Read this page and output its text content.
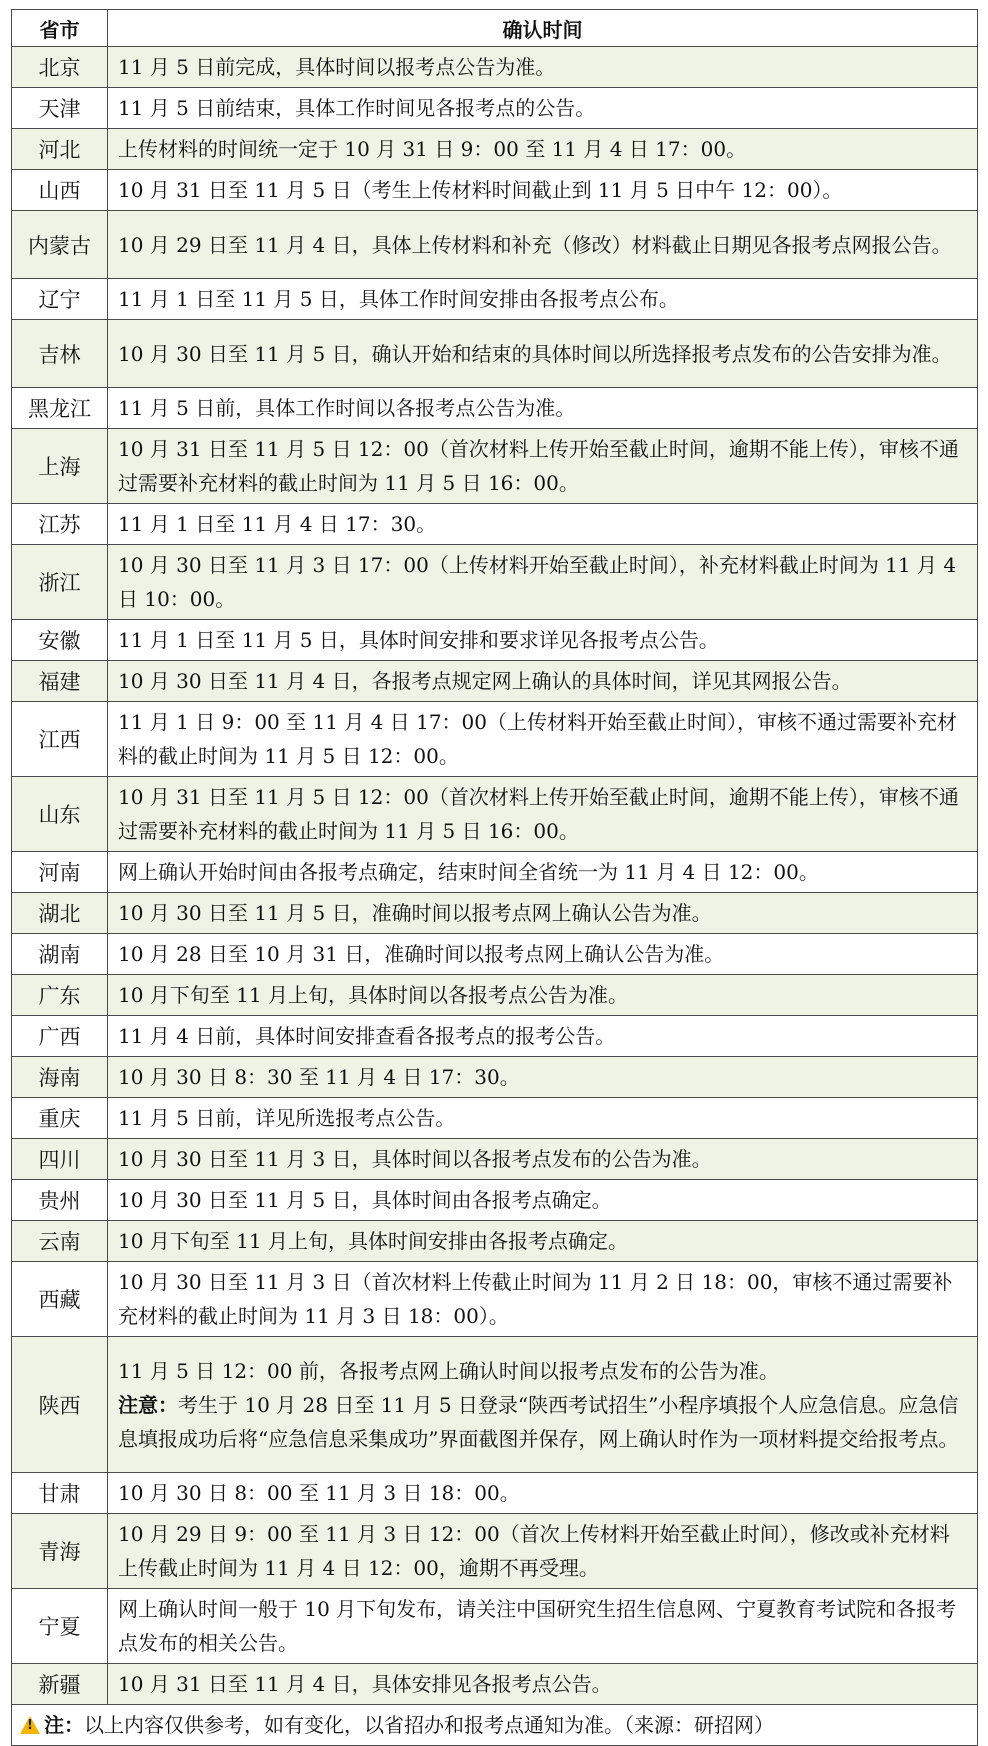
省市	确认时间
北京	11 月 5 日前完成，具体时间以报考点公告为准。
天津	11 月 5 日前结束，具体工作时间见各报考点的公告。
河北	上传材料的时间统一定于 10 月 31 日 9：00 至 11 月 4 日 17：00。
山西	10 月 31 日至 11 月 5 日（考生上传材料时间截止到 11 月 5 日中午 12：00）。
内蒙古	10 月 29 日至 11 月 4 日，具体上传材料和补充（修改）材料截止日期见各报考点网报公告。
辽宁	11 月 1 日至 11 月 5 日，具体工作时间安排由各报考点公布。
吉林	10 月 30 日至 11 月 5 日，确认开始和结束的具体时间以所选择报考点发布的公告安排为准。
黑龙江	11 月 5 日前，具体工作时间以各报考点公告为准。
上海	10 月 31 日至 11 月 5 日 12：00（首次材料上传开始至截止时间，逾期不能上传），审核不通过需要补充材料的截止时间为 11 月 5 日 16：00。
江苏	11 月 1 日至 11 月 4 日 17：30。
浙江	10 月 30 日至 11 月 3 日 17：00（上传材料开始至截止时间），补充材料截止时间为 11 月 4 日 10：00。
安徽	11 月 1 日至 11 月 5 日，具体时间安排和要求详见各报考点公告。
福建	10 月 30 日至 11 月 4 日，各报考点规定网上确认的具体时间，详见其网报公告。
江西	11 月 1 日 9：00 至 11 月 4 日 17：00（上传材料开始至截止时间），审核不通过需要补充材料的截止时间为 11 月 5 日 12：00。
山东	10 月 31 日至 11 月 5 日 12：00（首次材料上传开始至截止时间，逾期不能上传），审核不通过需要补充材料的截止时间为 11 月 5 日 16：00。
河南	网上确认开始时间由各报考点确定，结束时间全省统一为 11 月 4 日 12：00。
湖北	10 月 30 日至 11 月 5 日，准确时间以报考点网上确认公告为准。
湖南	10 月 28 日至 10 月 31 日，准确时间以报考点网上确认公告为准。
广东	10 月下旬至 11 月上旬，具体时间以各报考点公告为准。
广西	11 月 4 日前，具体时间安排查看各报考点的报考公告。
海南	10 月 30 日 8：30 至 11 月 4 日 17：30。
重庆	11 月 5 日前，详见所选报考点公告。
四川	10 月 30 日至 11 月 3 日，具体时间以各报考点发布的公告为准。
贵州	10 月 30 日至 11 月 5 日，具体时间由各报考点确定。
云南	10 月下旬至 11 月上旬，具体时间安排由各报考点确定。
西藏	10 月 30 日至 11 月 3 日（首次材料上传截止时间为 11 月 2 日 18：00，审核不通过需要补充材料的截止时间为 11 月 3 日 18：00）。
陕西	11 月 5 日 12：00 前，各报考点网上确认时间以报考点发布的公告为准。
注意：考生于 10 月 28 日至 11 月 5 日登录“陕西考试招生”小程序填报个人应急信息。应急信息填报成功后将“应急信息采集成功”界面截图并保存，网上确认时作为一项材料提交给报考点。

甘肃	10 月 30 日 8：00 至 11 月 3 日 18：00。
青海	10 月 29 日 9：00 至 11 月 3 日 12：00（首次上传材料开始至截止时间），修改或补充材料上传截止时间为 11 月 4 日 12：00，逾期不再受理。
宁夏	网上确认时间一般于 10 月下旬发布，请关注中国研究生招生信息网、宁夏教育考试院和各报考点发布的相关公告。
新疆	10 月 31 日至 11 月 4 日，具体安排见各报考点公告。
!注：以上内容仅供参考，如有变化，以省招办和报考点通知为准。（来源：研招网）
